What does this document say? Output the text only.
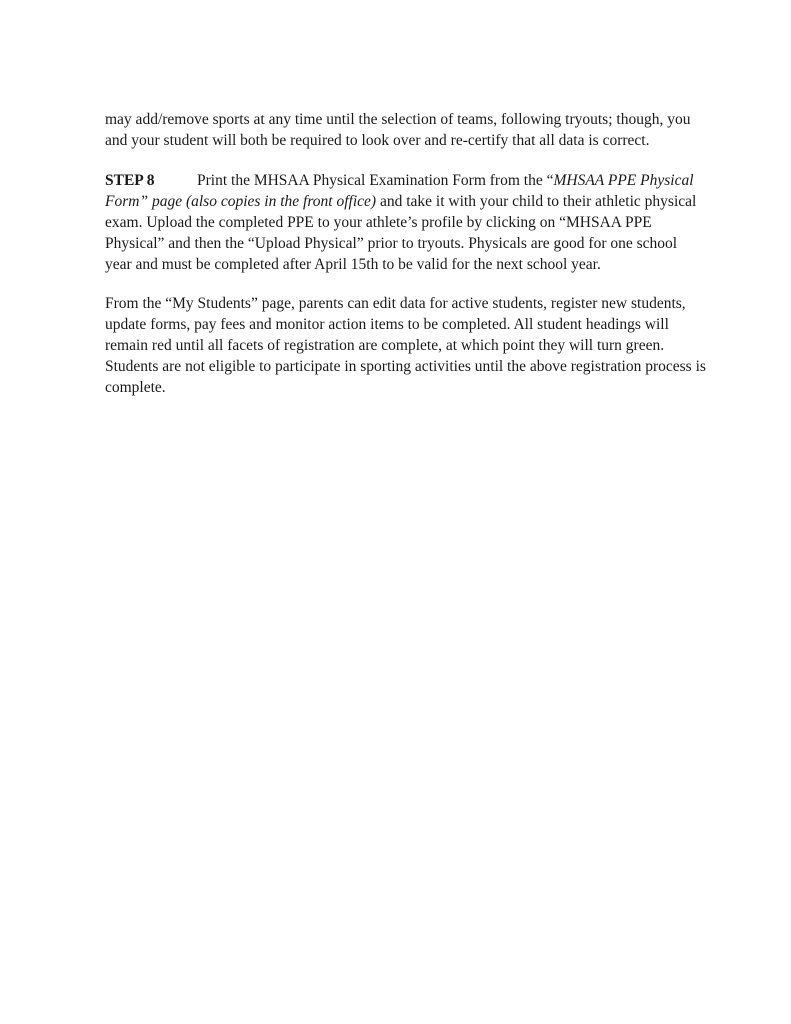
may add/remove sports at any time until the selection of teams, following tryouts; though, you
and your student will both be required to look over and re-certify that all data is correct.

STEP 8	Print the MHSAA Physical Examination Form from the “MHSAA PPE Physical
Form” page (also copies in the front office) and take it with your child to their athletic physical
exam. Upload the completed PPE to your athlete’s profile by clicking on “MHSAA PPE
Physical” and then the “Upload Physical” prior to tryouts. Physicals are good for one school
year and must be completed after April 15th to be valid for the next school year.

From the “My Students” page, parents can edit data for active students, register new students,
update forms, pay fees and monitor action items to be completed. All student headings will
remain red until all facets of registration are complete, at which point they will turn green.
Students are not eligible to participate in sporting activities until the above registration process is
complete.
